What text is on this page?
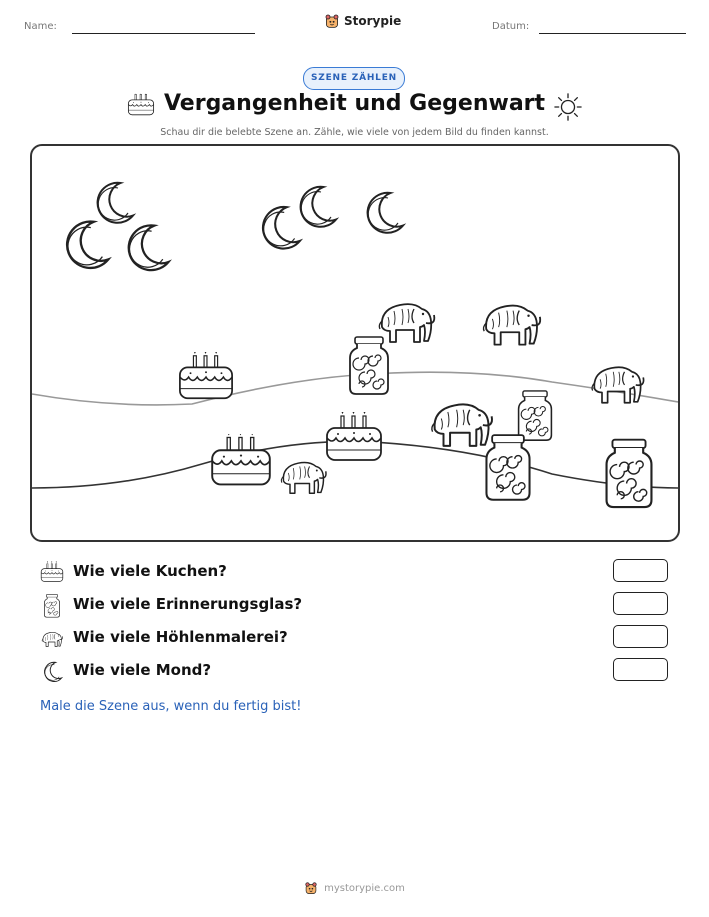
Name:	Storypie	Datum:
SZENE ZÄHLEN
Vergangenheit und Gegenwart
Schau dir die belebte Szene an. Zähle, wie viele von jedem Bild du finden kannst.
Wie viele Kuchen?
Wie viele Erinnerungsglas?
Wie viele Höhlenmalerei?
Wie viele Mond?
Male die Szene aus, wenn du fertig bist!
mystorypie.com
